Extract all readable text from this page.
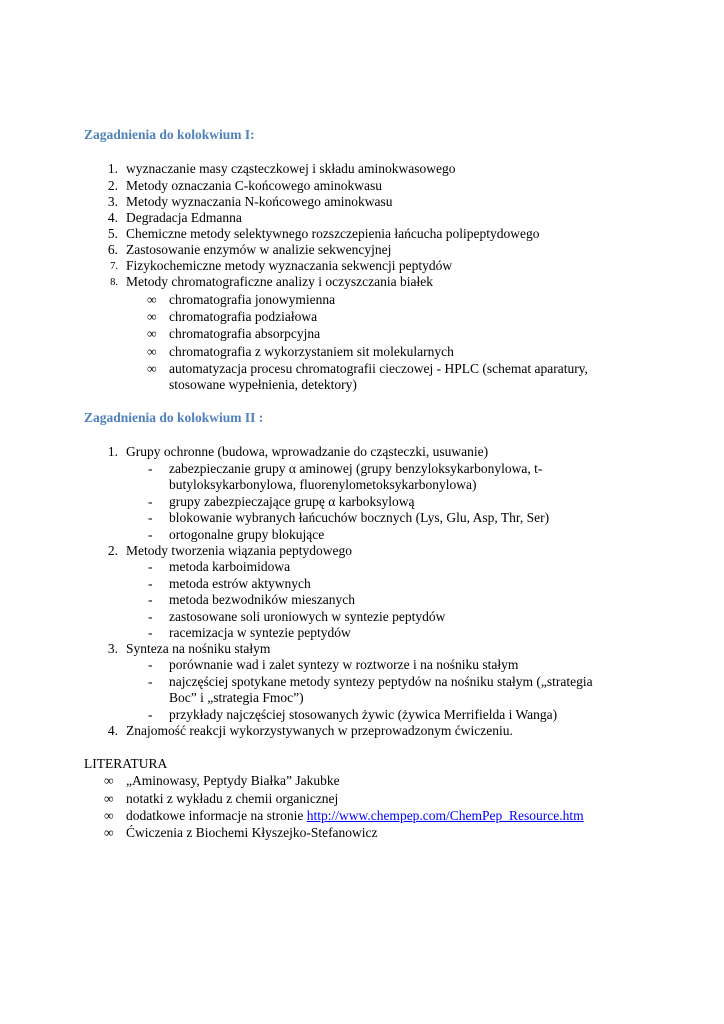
Zagadnienia do kolokwium I:
1. wyznaczanie masy cząsteczkowej i składu aminokwasowego
2. Metody oznaczania C-końcowego aminokwasu
3. Metody wyznaczania N-końcowego aminokwasu
4. Degradacja Edmanna
5. Chemiczne metody selektywnego rozszczepienia łańcucha polipeptydowego
6. Zastosowanie enzymów w analizie sekwencyjnej
7. Fizykochemiczne metody wyznaczania sekwencji peptydów
8. Metody chromatograficzne analizy i oczyszczania białek
∞ chromatografia jonowymienna
∞ chromatografia podziałowa
∞ chromatografia absorpcyjna
∞ chromatografia z wykorzystaniem sit molekularnych
∞ automatyzacja procesu chromatografii cieczowej - HPLC (schemat aparatury,
stosowane wypełnienia, detektory)
Zagadnienia do kolokwium II :
1. Grupy ochronne (budowa, wprowadzanie do cząsteczki, usuwanie)
- zabezpieczanie grupy α aminowej (grupy benzyloksykarbonylowa, t-
butyloksykarbonylowa, fluorenylometoksykarbonylowa)
- grupy zabezpieczające grupę α karboksylową
- blokowanie wybranych łańcuchów bocznych (Lys, Glu, Asp, Thr, Ser)
- ortogonalne grupy blokujące
2. Metody tworzenia wiązania peptydowego
- metoda karboimidowa
- metoda estrów aktywnych
- metoda bezwodników mieszanych
- zastosowane soli uroniowych w syntezie peptydów
- racemizacja w syntezie peptydów
3. Synteza na nośniku stałym
- porównanie wad i zalet syntezy w roztworze i na nośniku stałym
- najczęściej spotykane metody syntezy peptydów na nośniku stałym („strategia
Boc” i „strategia Fmoc”)
- przykłady najczęściej stosowanych żywic (żywica Merrifielda i Wanga)
4. Znajomość reakcji wykorzystywanych w przeprowadzonym ćwiczeniu.
LITERATURA
∞ „Aminowasy, Peptydy Białka” Jakubke
∞ notatki z wykładu z chemii organicznej
∞ dodatkowe informacje na stronie http://www.chempep.com/ChemPep_Resource.htm
∞ Ćwiczenia z Biochemi Kłyszejko-Stefanowicz
